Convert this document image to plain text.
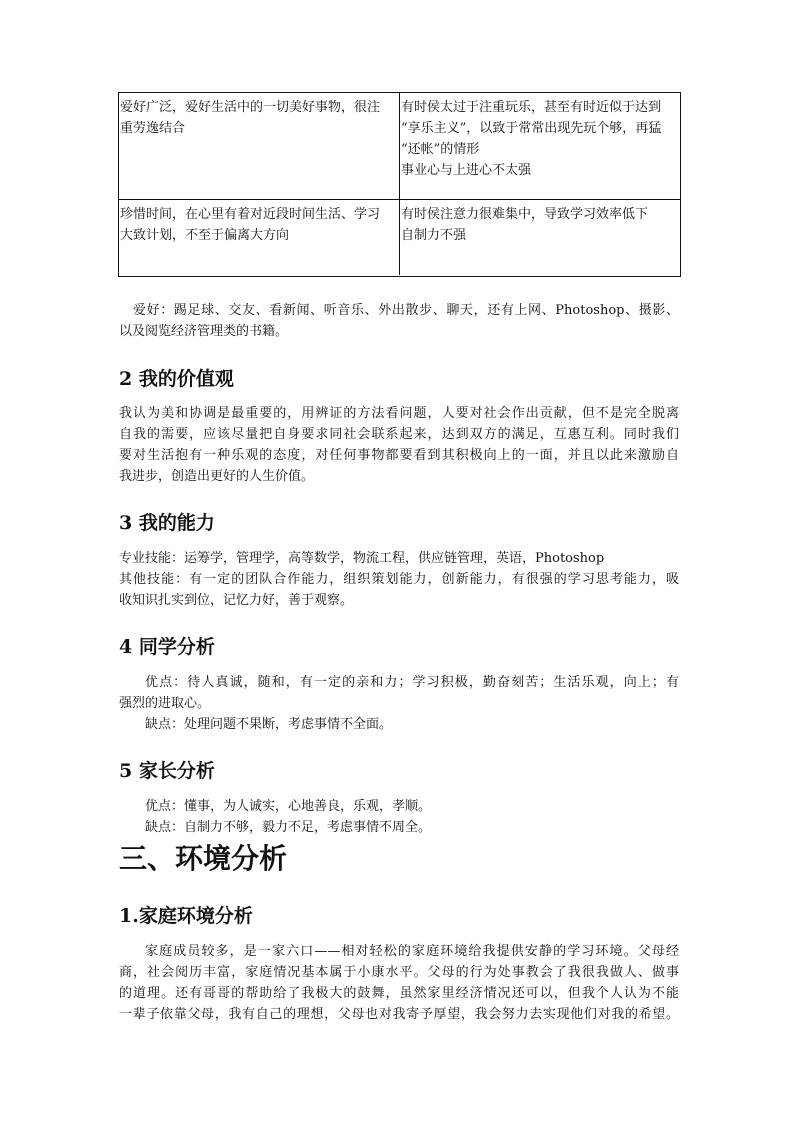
爱好广泛，爱好生活中的一切美好事物，很注
重劳逸结合
有时侯太过于注重玩乐，甚至有时近似于达到
“享乐主义”，以致于常常出现先玩个够，再猛
“还帐”的情形
事业心与上进心不太强
珍惜时间，在心里有着对近段时间生活、学习
大致计划，不至于偏离大方向
有时侯注意力很难集中，导致学习效率低下
自制力不强
爱好：踢足球、交友、看新闻、听音乐、外出散步、聊天，还有上网、Photoshop、摄影、
以及阅览经济管理类的书籍。
2 我的价值观
我认为美和协调是最重要的，用辨证的方法看问题，人要对社会作出贡献，但不是完全脱离
自我的需要，应该尽量把自身要求同社会联系起来，达到双方的满足，互惠互利。同时我们
要对生活抱有一种乐观的态度，对任何事物都要看到其积极向上的一面，并且以此来激励自
我进步，创造出更好的人生价值。
3 我的能力
专业技能：运筹学，管理学，高等数学，物流工程，供应链管理，英语，Photoshop
其他技能：有一定的团队合作能力，组织策划能力，创新能力，有很强的学习思考能力，吸
收知识扎实到位，记忆力好，善于观察。
4 同学分析
优点：待人真诚，随和，有一定的亲和力；学习积极，勤奋刻苦；生活乐观，向上；有
强烈的进取心。
缺点：处理问题不果断，考虑事情不全面。
5 家长分析
优点：懂事，为人诚实，心地善良，乐观，孝顺。
缺点：自制力不够，毅力不足，考虑事情不周全。
三、环境分析
1.家庭环境分析
家庭成员较多，是一家六口——相对轻松的家庭环境给我提供安静的学习环境。父母经
商，社会阅历丰富，家庭情况基本属于小康水平。父母的行为处事教会了我很我做人、做事
的道理。还有哥哥的帮助给了我极大的鼓舞，虽然家里经济情况还可以，但我个人认为不能
一辈子依靠父母，我有自己的理想，父母也对我寄予厚望，我会努力去实现他们对我的希望。
